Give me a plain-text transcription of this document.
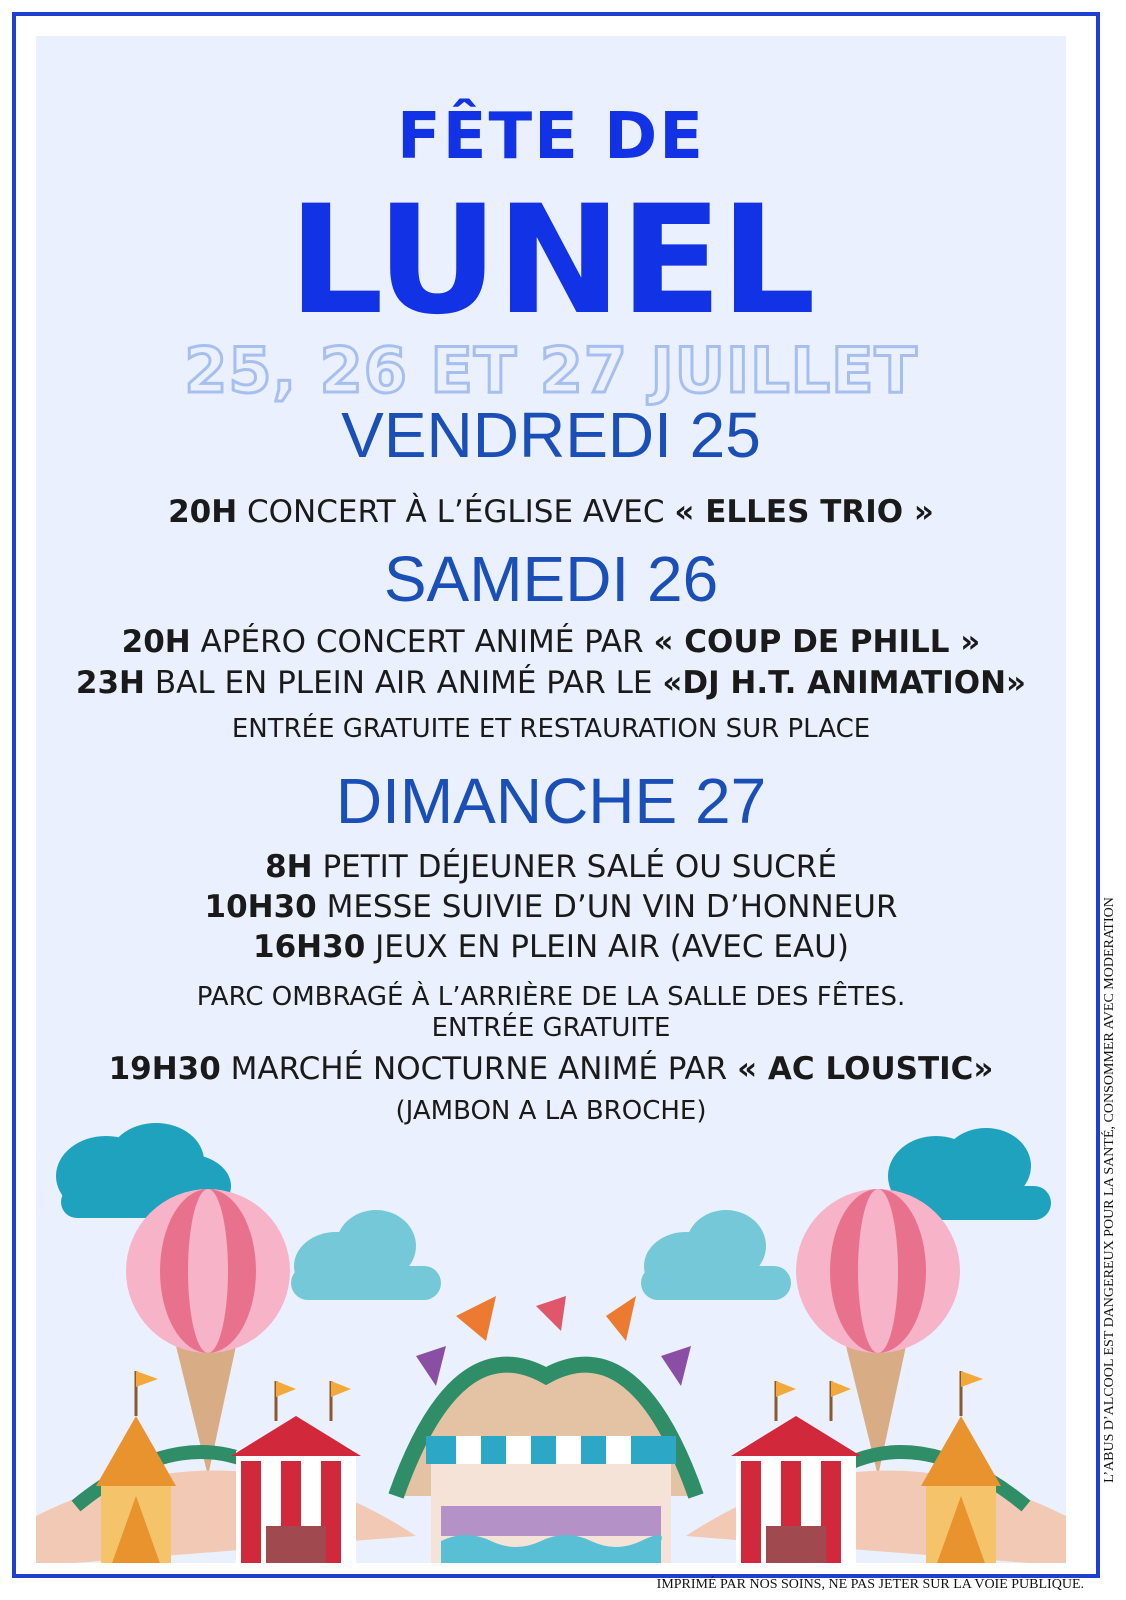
FÊTE DE
LUNEL
25, 26 ET 27 JUILLET
VENDREDI 25
20H CONCERT À L’ÉGLISE AVEC « ELLES TRIO »
SAMEDI 26
20H APÉRO CONCERT ANIMÉ PAR « COUP DE PHILL »
23H BAL EN PLEIN AIR ANIMÉ PAR LE «DJ H.T. ANIMATION»
ENTRÉE GRATUITE ET RESTAURATION SUR PLACE
DIMANCHE 27
8H PETIT DÉJEUNER SALÉ OU SUCRÉ
10H30 MESSE SUIVIE D’UN VIN D’HONNEUR
16H30 JEUX EN PLEIN AIR (AVEC EAU)
PARC OMBRAGÉ À L’ARRIÈRE DE LA SALLE DES FÊTES.
ENTRÉE GRATUITE
19H30 MARCHÉ NOCTURNE ANIMÉ PAR « AC LOUSTIC»
(JAMBON A LA BROCHE)	L’ABUS D’ALCOOL EST DANGEREUX POUR LA SANTÉ, CONSOMMER AVEC MODERATION
IMPRIMÉ PAR NOS SOINS, NE PAS JETER SUR LA VOIE PUBLIQUE.
